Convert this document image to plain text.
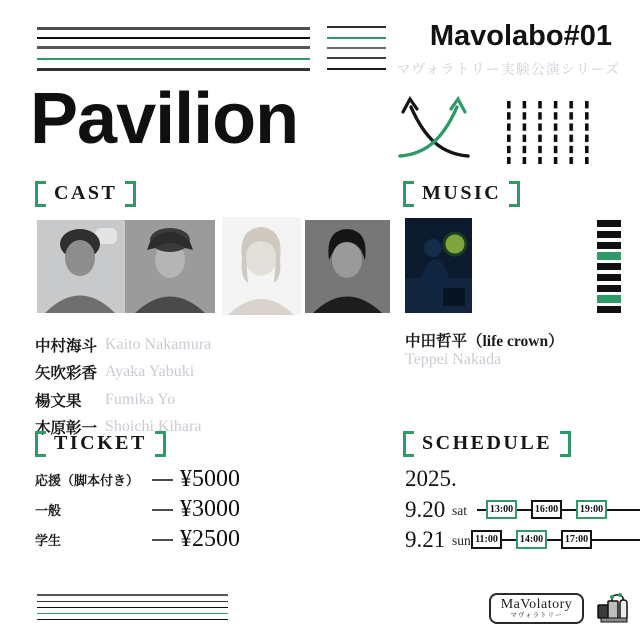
Mavolabo#01
マヴォラトリー実験公演シリーズ
Pavilion
CAST	MUSIC
中村海斗 Kaito Nakamura
矢吹彩香 Ayaka Yabuki
楊文果	Fumika Yo
木原彰一 Shoichi Kihara
中田哲平（life crown）
Teppei Nakada
TICKET
応援（脚本付き）	¥5000
一般	¥3000
学生	¥2500
SCHEDULE
2025.
9.20 sat	13:00	16:00	19:00
9.21 sun 11:00	14:00	17:00
MaVolatory
マヴォラトリー
